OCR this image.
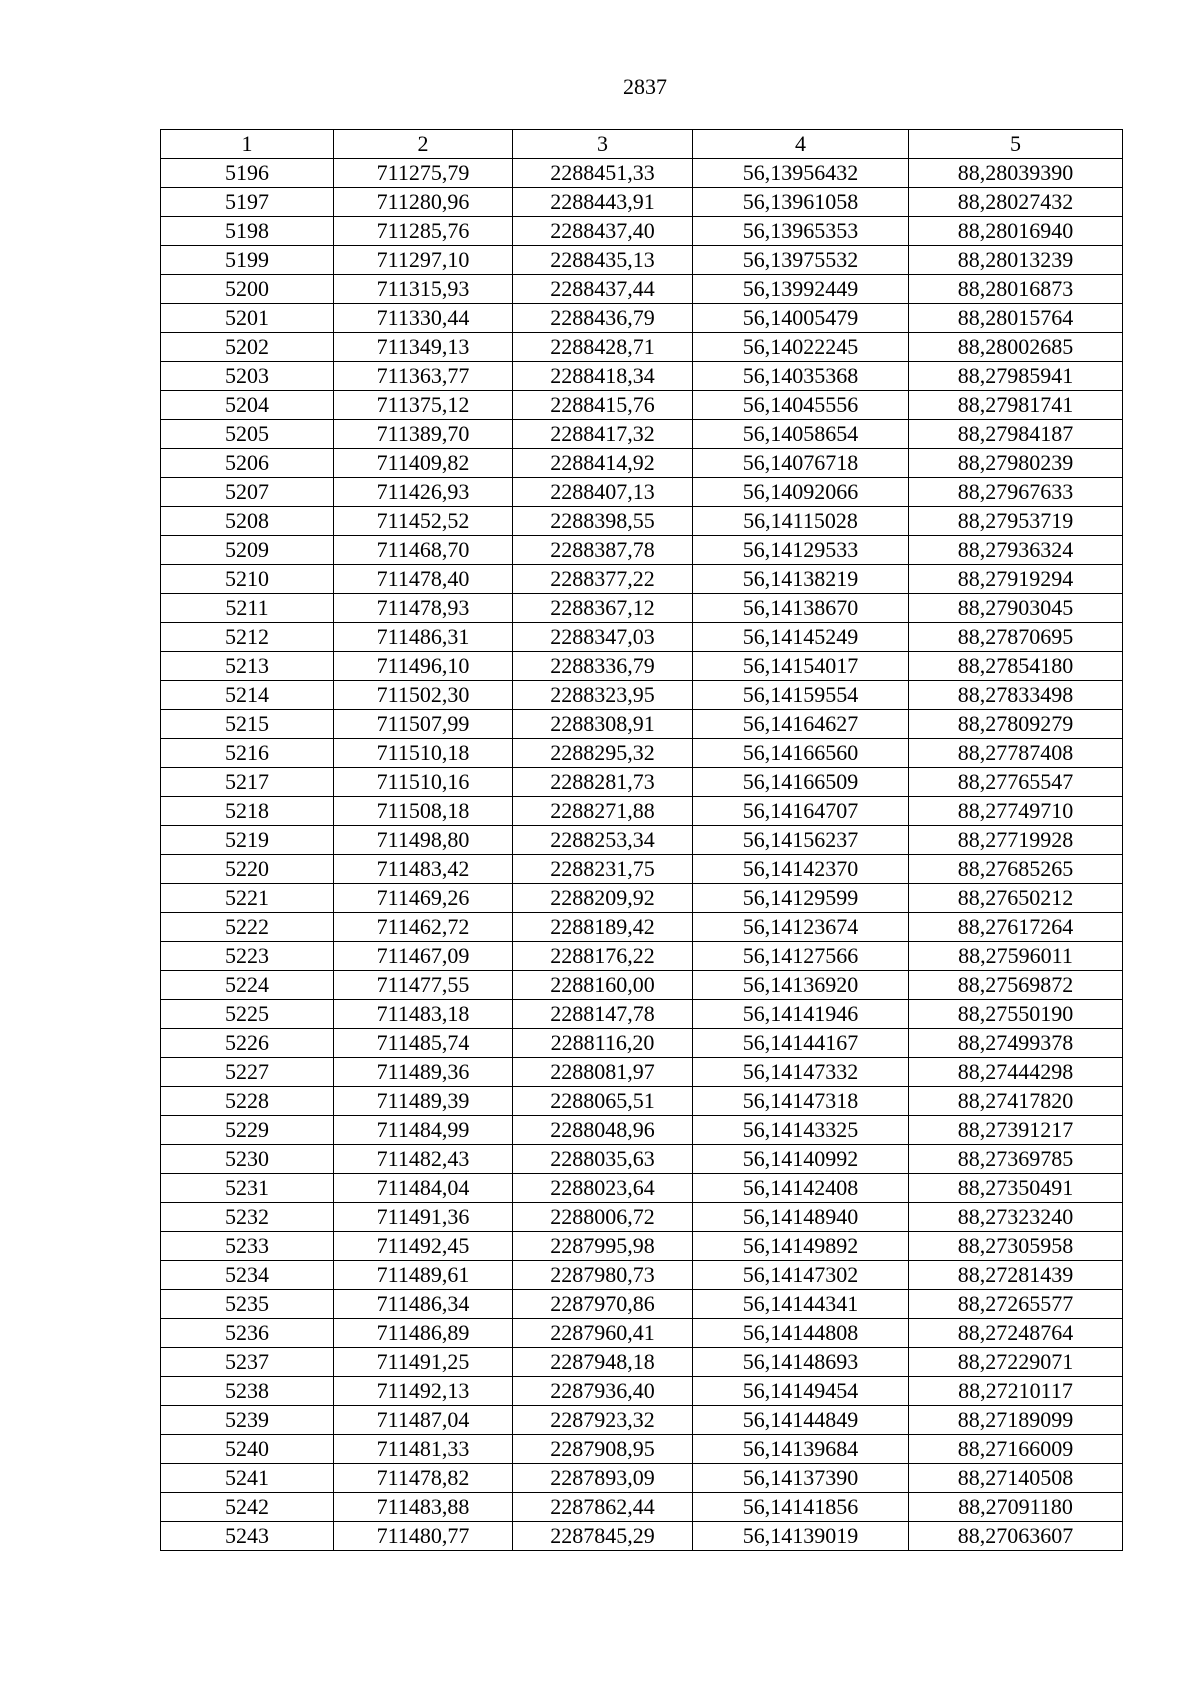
2837
1	2	3	4	5
5196	711275,79	2288451,33	56,13956432	88,28039390
5197	711280,96	2288443,91	56,13961058	88,28027432
5198	711285,76	2288437,40	56,13965353	88,28016940
5199	711297,10	2288435,13	56,13975532	88,28013239
5200	711315,93	2288437,44	56,13992449	88,28016873
5201	711330,44	2288436,79	56,14005479	88,28015764
5202	711349,13	2288428,71	56,14022245	88,28002685
5203	711363,77	2288418,34	56,14035368	88,27985941
5204	711375,12	2288415,76	56,14045556	88,27981741
5205	711389,70	2288417,32	56,14058654	88,27984187
5206	711409,82	2288414,92	56,14076718	88,27980239
5207	711426,93	2288407,13	56,14092066	88,27967633
5208	711452,52	2288398,55	56,14115028	88,27953719
5209	711468,70	2288387,78	56,14129533	88,27936324
5210	711478,40	2288377,22	56,14138219	88,27919294
5211	711478,93	2288367,12	56,14138670	88,27903045
5212	711486,31	2288347,03	56,14145249	88,27870695
5213	711496,10	2288336,79	56,14154017	88,27854180
5214	711502,30	2288323,95	56,14159554	88,27833498
5215	711507,99	2288308,91	56,14164627	88,27809279
5216	711510,18	2288295,32	56,14166560	88,27787408
5217	711510,16	2288281,73	56,14166509	88,27765547
5218	711508,18	2288271,88	56,14164707	88,27749710
5219	711498,80	2288253,34	56,14156237	88,27719928
5220	711483,42	2288231,75	56,14142370	88,27685265
5221	711469,26	2288209,92	56,14129599	88,27650212
5222	711462,72	2288189,42	56,14123674	88,27617264
5223	711467,09	2288176,22	56,14127566	88,27596011
5224	711477,55	2288160,00	56,14136920	88,27569872
5225	711483,18	2288147,78	56,14141946	88,27550190
5226	711485,74	2288116,20	56,14144167	88,27499378
5227	711489,36	2288081,97	56,14147332	88,27444298
5228	711489,39	2288065,51	56,14147318	88,27417820
5229	711484,99	2288048,96	56,14143325	88,27391217
5230	711482,43	2288035,63	56,14140992	88,27369785
5231	711484,04	2288023,64	56,14142408	88,27350491
5232	711491,36	2288006,72	56,14148940	88,27323240
5233	711492,45	2287995,98	56,14149892	88,27305958
5234	711489,61	2287980,73	56,14147302	88,27281439
5235	711486,34	2287970,86	56,14144341	88,27265577
5236	711486,89	2287960,41	56,14144808	88,27248764
5237	711491,25	2287948,18	56,14148693	88,27229071
5238	711492,13	2287936,40	56,14149454	88,27210117
5239	711487,04	2287923,32	56,14144849	88,27189099
5240	711481,33	2287908,95	56,14139684	88,27166009
5241	711478,82	2287893,09	56,14137390	88,27140508
5242	711483,88	2287862,44	56,14141856	88,27091180
5243	711480,77	2287845,29	56,14139019	88,27063607
